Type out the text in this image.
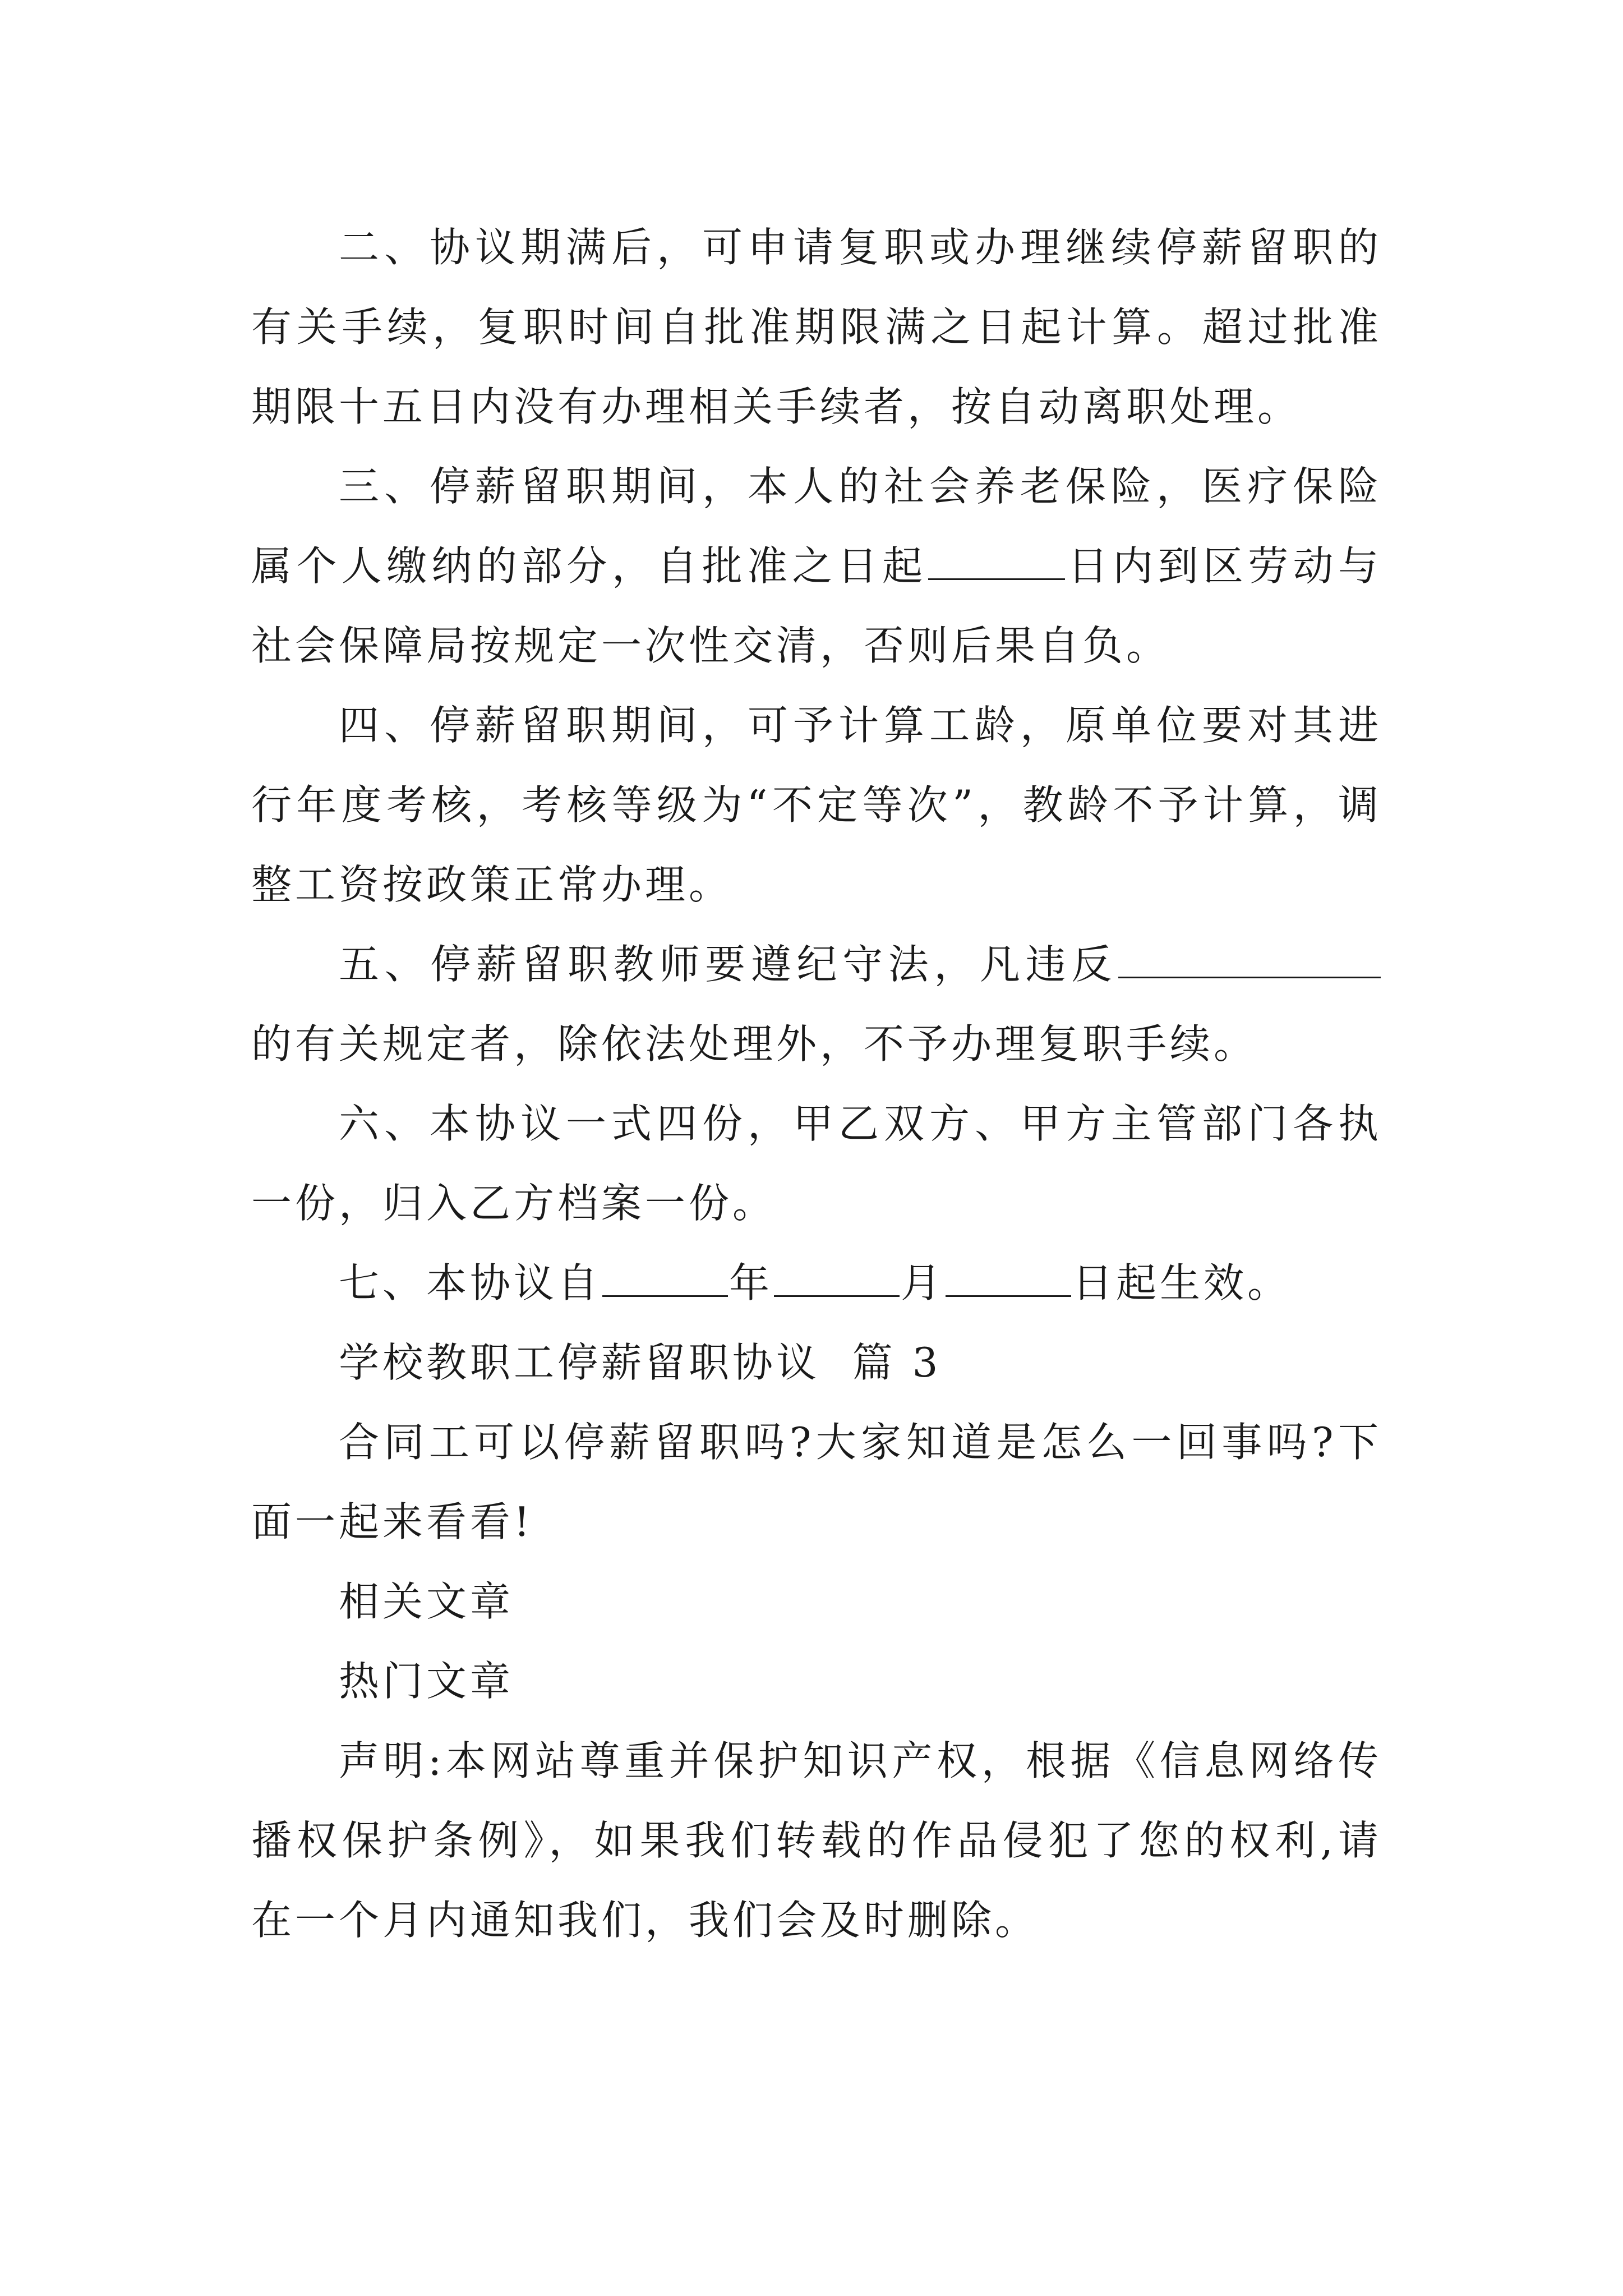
二、协议期满后，可申请复职或办理继续停薪留职的有关手续，复职时间自批准期限满之日起计算。超过批准期限十五日内没有办理相关手续者，按自动离职处理。

三、停薪留职期间，本人的社会养老保险，医疗保险属个人缴纳的部分，自批准之日起	日内到区劳动与社会保障局按规定一次性交清，否则后果自负。

四、停薪留职期间，可予计算工龄，原单位要对其进行年度考核，考核等级为“不定等次”，教龄不予计算，调整工资按政策正常办理。

五、停薪留职教师要遵纪守法，凡违反的有关规定者，除依法处理外，不予办理复职手续。

六、本协议一式四份，甲乙双方、甲方主管部门各执一份，归入乙方档案一份。

七、本协议自	年	月	日起生效。

学校教职工停薪留职协议  篇 3

合同工可以停薪留职吗?大家知道是怎么一回事吗?下面一起来看看!

相关文章

热门文章

声明:本网站尊重并保护知识产权，根据《信息网络传播权保护条例》，如果我们转载的作品侵犯了您的权利,请在一个月内通知我们，我们会及时删除。
